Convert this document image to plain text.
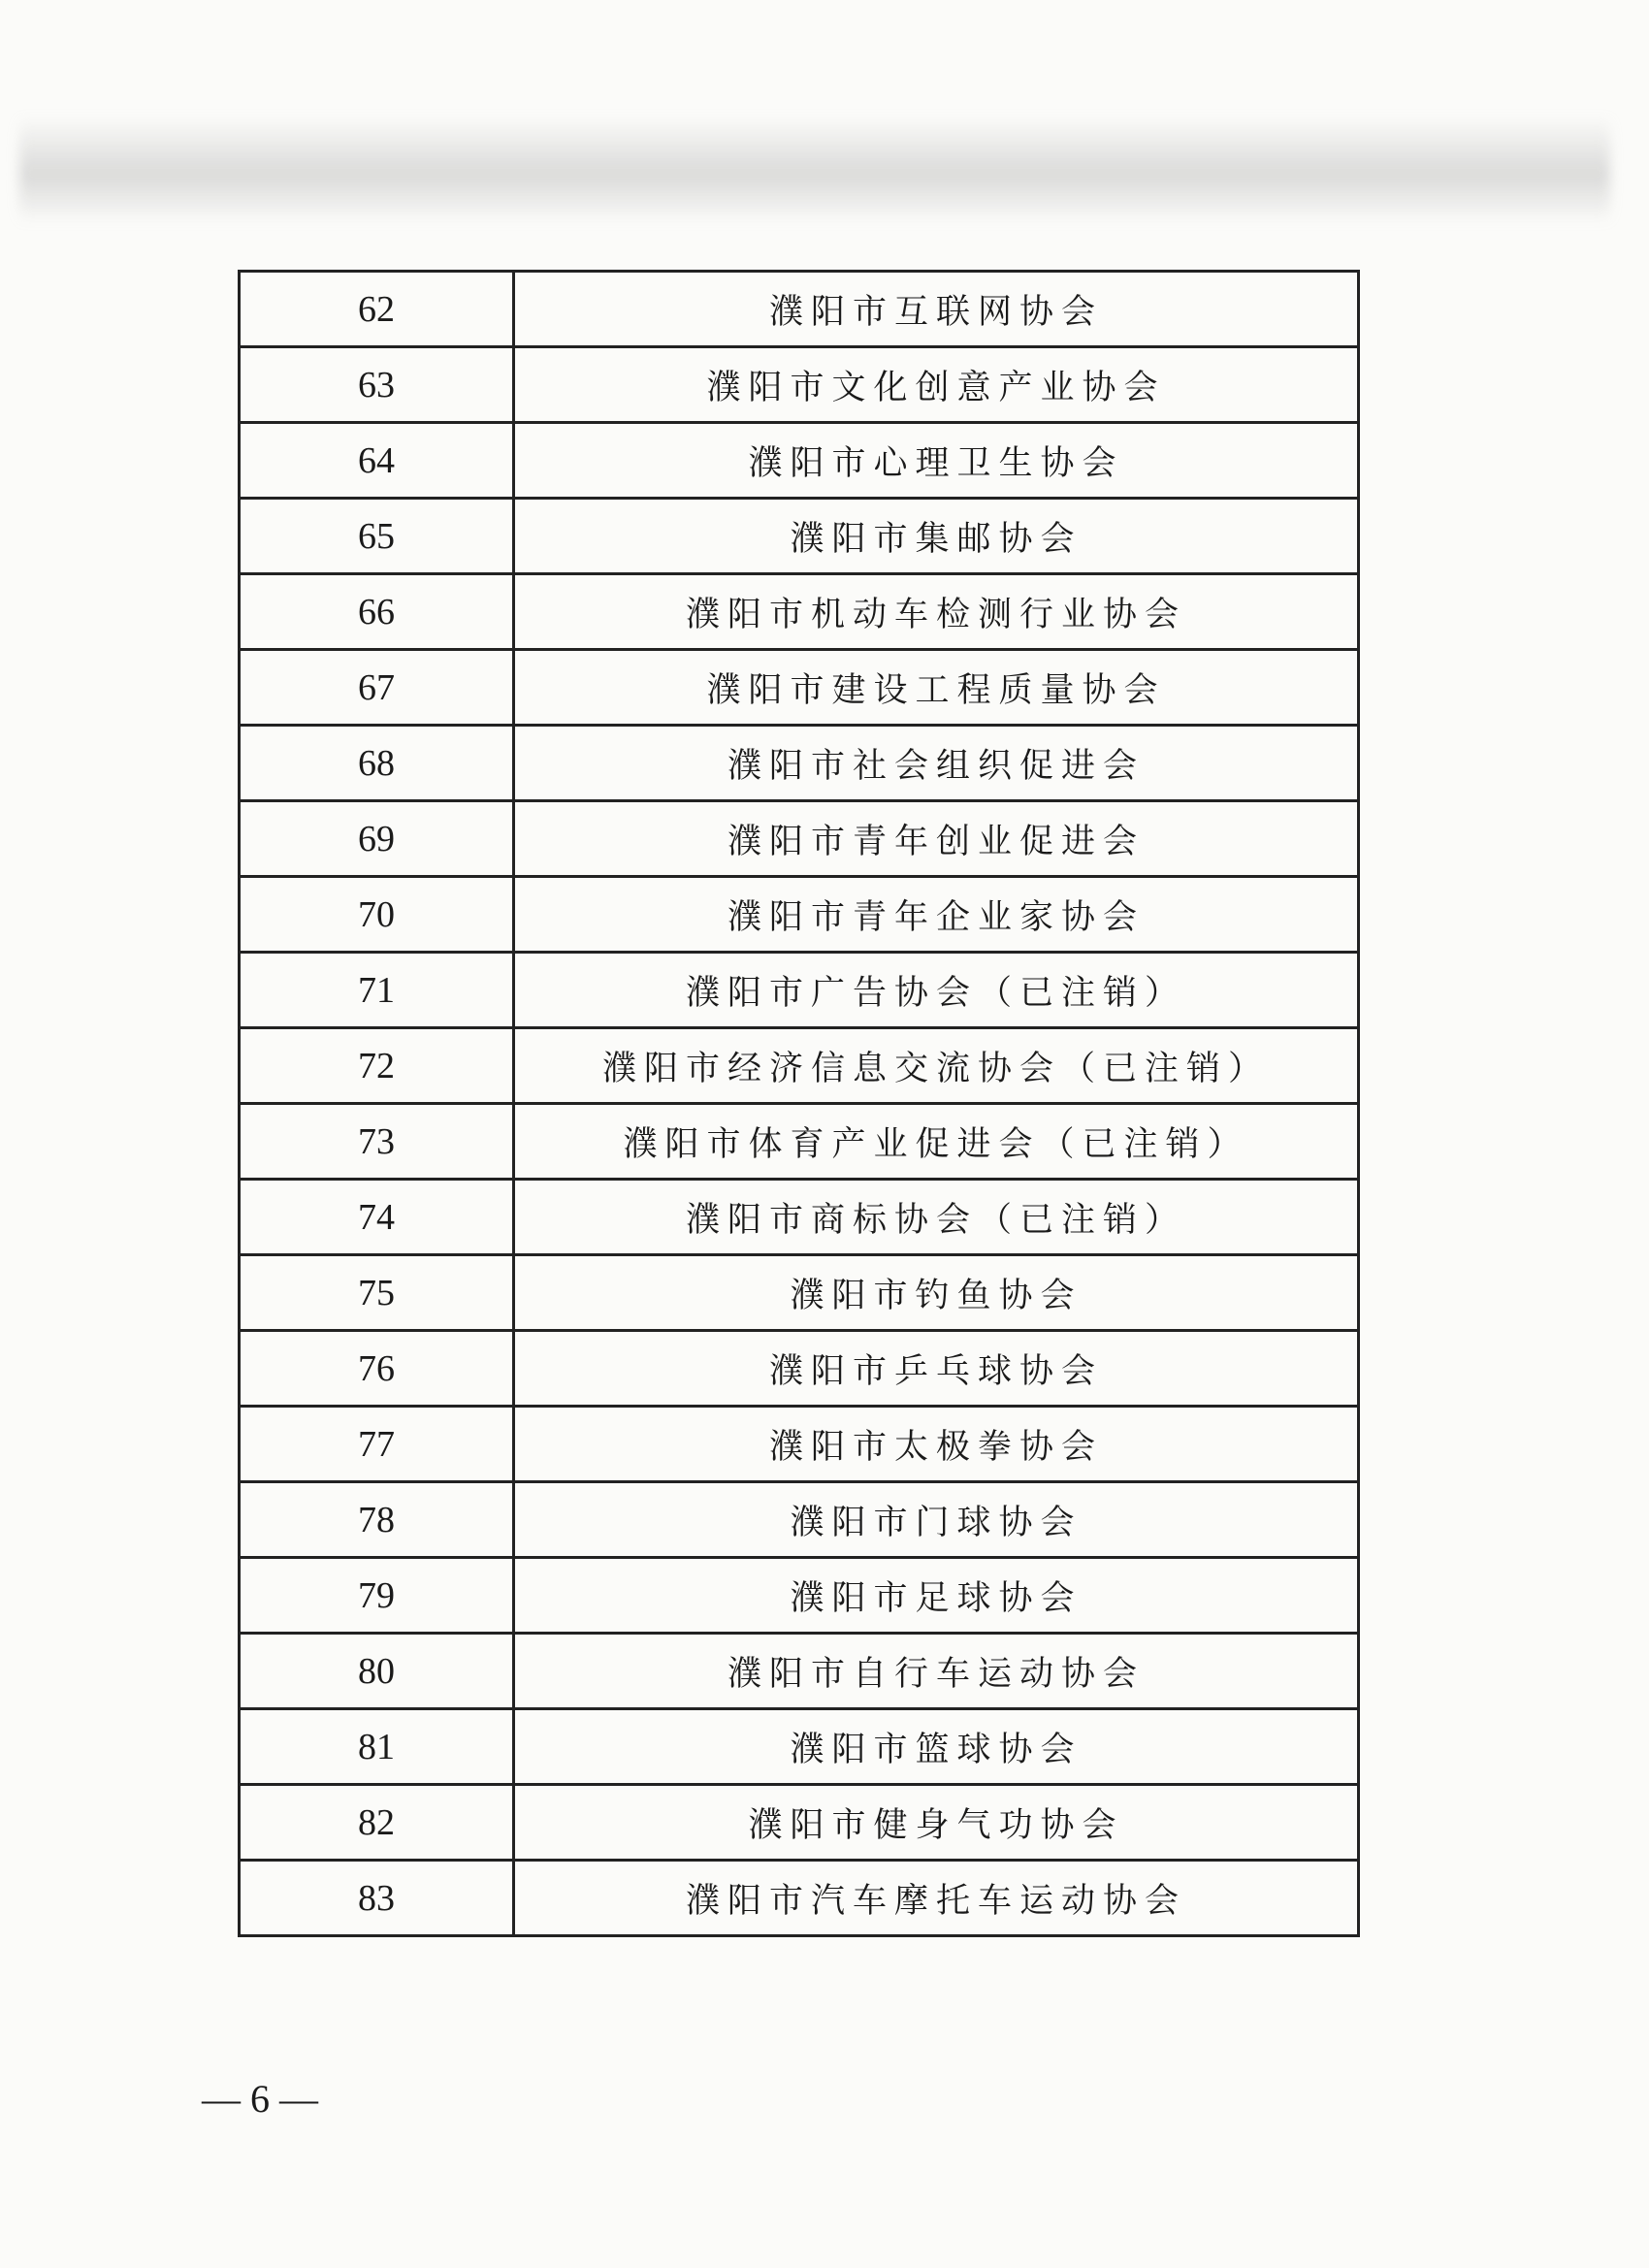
62	濮阳市互联网协会
63	濮阳市文化创意产业协会
64	濮阳市心理卫生协会
65	濮阳市集邮协会
66	濮阳市机动车检测行业协会
67	濮阳市建设工程质量协会
68	濮阳市社会组织促进会
69	濮阳市青年创业促进会
70	濮阳市青年企业家协会
71	濮阳市广告协会（已注销）
72	濮阳市经济信息交流协会（已注销）
73	濮阳市体育产业促进会（已注销）
74	濮阳市商标协会（已注销）
75	濮阳市钓鱼协会
76	濮阳市乒乓球协会
77	濮阳市太极拳协会
78	濮阳市门球协会
79	濮阳市足球协会
80	濮阳市自行车运动协会
81	濮阳市篮球协会
82	濮阳市健身气功协会
83	濮阳市汽车摩托车运动协会
— 6 —
